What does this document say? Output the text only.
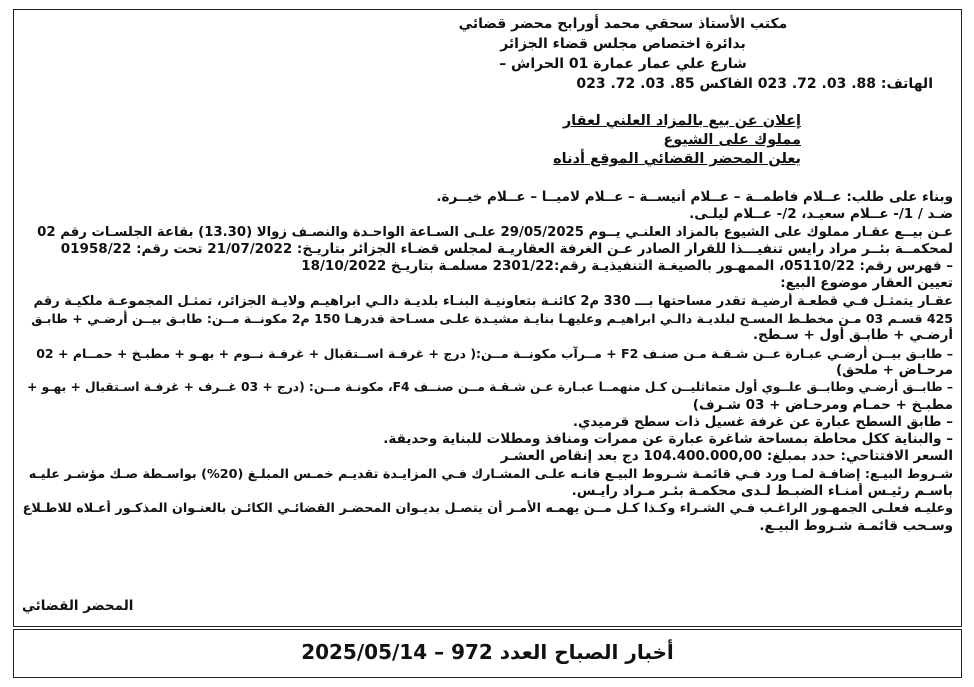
مكتب الأستاذ سحقي محمد أورابح محضر قضائي
بدائرة اختصاص مجلس قضاء الجزائر
شارع علي عمار عمارة 01 الحراش –
الهاتف: 88. 03. 72. 023 الفاكس 85. 03. 72. 023
إعلان عن بيع بالمزاد العلني لعقار
مملوك على الشيوع
يعلن المحضر القضائي الموقع أدناه
وبناء على طلب: عــلام فاطمــة – عــلام أنيســة – عــلام لاميــا – عــلام خيــرة.
ضـد / 1/- عــلام سعيـد، 2/- عــلام ليلـى.
عـن بيــع عقـار مملوك على الشيوع بالمزاد العلنـي يــوم 29/05/2025 علـى السـاعة الواحـدة والنصـف زوالا (13.30) بقاعة الجلسـات رقم 02
لمحكمــة بئــر مراد رايس تنفيـــذا للقرار الصادر عـن الغرفة العقاريـة لمجلس قضـاء الجزائر بتاريـخ: 21/07/2022 تحت رقم: 01958/22
– فهرس رقم: 05110/22، الممهـور بالصيغـة التنفيذيـة رقم:2301/22 مسلمـة بتاريـخ 18/10/2022
تعيين العقار موضوع البيع:
عقـار يتمثـل فـي قطعـة أرضيـة تقدر مساحتها بـــ 330 م2 كائنـة بتعاونيـة البنـاء بلديـة دالـي ابراهيـم ولايـة الجزائر، تمثـل المجموعـة ملكيـة رقم
425 قسـم 03 مـن مخطـط المسـح لبلديـة دالـي ابراهيـم وعليهـا بنايـة مشيـدة علـى مسـاحة قدرهـا 150 م2 مكونــة مــن: طابـق بيــن أرضـي + طابـق
أرضـي + طابـق أول + سـطح.
– طابـق بيــن أرضـي عبـارة عــن شـقـة مـن صنـف F2 + مــرآب مكونــة مــن:( درج + غرفـة اســتقبال + غرفـة نــوم + بهـو + مطبـخ + حمــام + 02
مرحـاض + ملحق)
– طابــق أرضـي وطابــق علــوي أول متماثليــن كـل منهمــا عبـارة عـن شـقـة مــن صنــف F4، مكونـة مــن: (درج + 03 غــرف + غرفـة اسـتقبال + بهـو +
مطبـخ + حمـام ومرحـاض + 03 شـرف)
– طابق السطح عبارة عن غرفة غسيل ذات سطح قرميدي.
– والبناية ككل محاطة بمساحة شاغرة عبارة عن ممرات ومنافذ ومطلات للبناية وحديقة.
السعر الافتتاحي: حدد بمبلغ: 104.400.000,00 دج بعد إنقاص العشـر
شـروط البيـع: إضافـة لمـا ورد فـي قائمـة شـروط البيـع فانـه علـى المشـارك فـي المزايـدة تقديـم خمـس المبلـغ (20%) بواسـطة صـك مؤشـر عليـه
باسـم رئيـس أمنـاء الضبـط لـدى محكمـة بئـر مـراد رايـس.
وعليـه فعلـى الجمهـور الراغـب فـي الشـراء وكـذا كـل مــن يهمـه الأمـر أن يتصـل بديـوان المحضـر القضائـي الكائـن بالعنـوان المذكـور أعـلاه للاطـلاع
وسـحب قائمـة شـروط البيـع.
المحضر القضائي
أخبار الصباح العدد 972 – 2025/05/14
